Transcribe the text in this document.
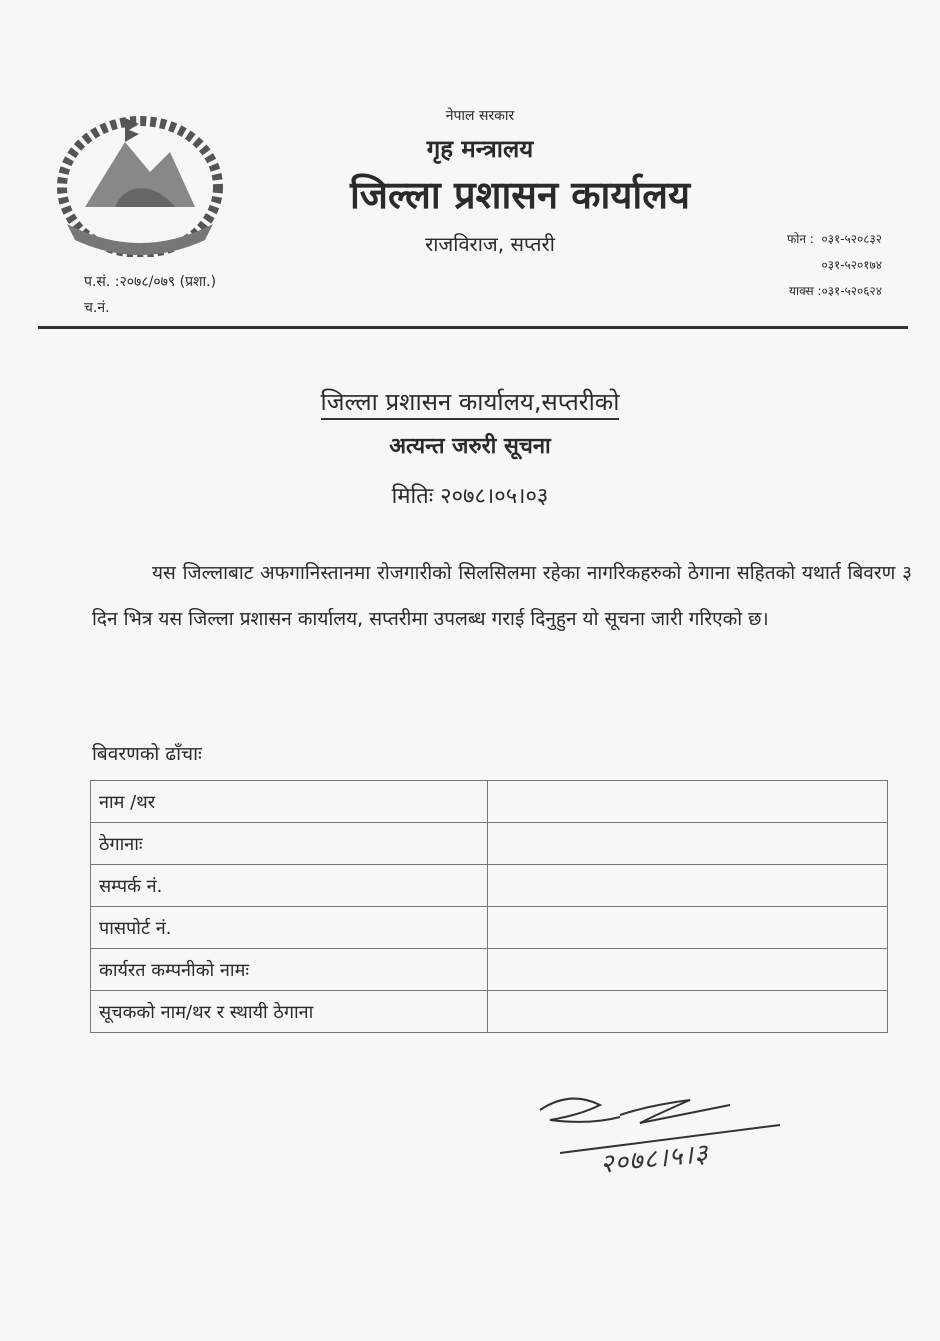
नेपाल सरकार
गृह मन्त्रालय
जिल्ला प्रशासन कार्यालय
राजविराज, सप्तरी	फोन : ०३१-५२०८३२
०३१-५२०१७४
याक्स :०३१-५२०६२४
प.सं. :२०७८/०७९ (प्रशा.)
च.नं.
जिल्ला प्रशासन कार्यालय,सप्तरीको
अत्यन्त जरुरी सूचना
मितिः २०७८।०५।०३
यस जिल्लाबाट अफगानिस्तानमा रोजगारीको सिलसिलमा रहेका नागरिकहरुको ठेगाना सहितको यथार्त बिवरण ३ दिन भित्र यस जिल्ला प्रशासन कार्यालय, सप्तरीमा उपलब्ध गराई दिनुहुन यो सूचना जारी गरिएको छ।
बिवरणको ढाँचाः
नाम /थर	
ठेगानाः	
सम्पर्क नं.	
पासपोर्ट नं.	
कार्यरत कम्पनीको नामः	
सूचकको नाम/थर र स्थायी ठेगाना	
२०७८।५।३
